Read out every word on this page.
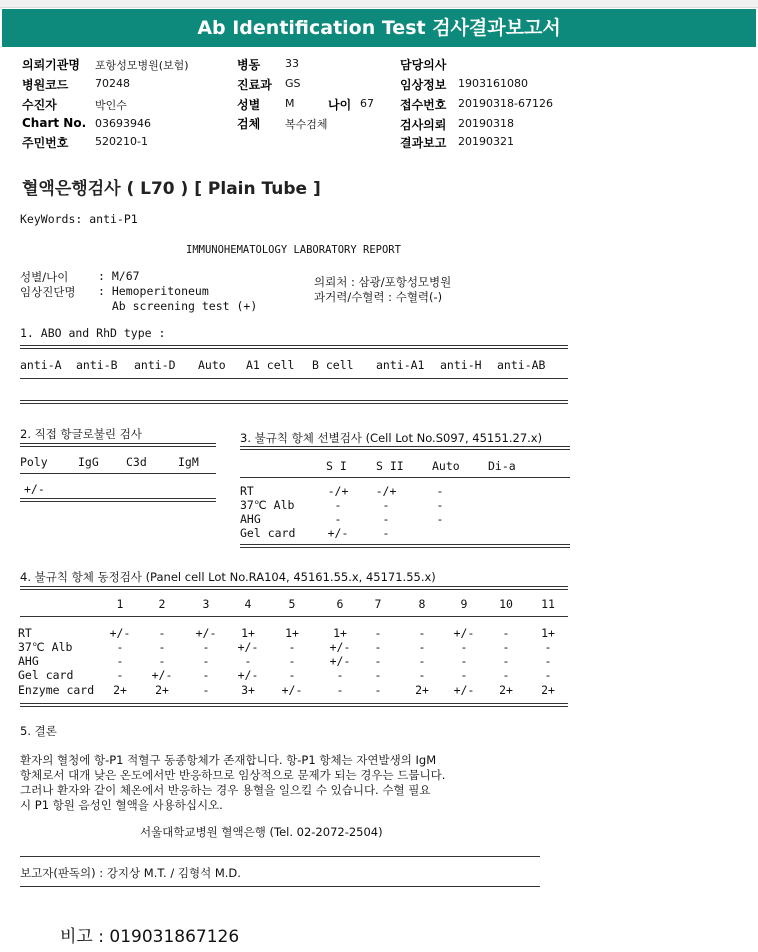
Ab Identification Test 검사결과보고서
의뢰기관명 포항성모병원(보험)
병원코드 70248
수진자	박인수
Chart No. 03693946
주민번호 520210-1
병동 33
진료과 GS
성별 M	나이 67
검체 복수검체
담당의사
임상정보 1903161080
접수번호 20190318-67126
검사의뢰 20190318
결과보고 20190321
혈액은행검사 ( L70 ) [ Plain Tube ]
KeyWords: anti-P1
IMMUNOHEMATOLOGY LABORATORY REPORT
성별/나이	: M/67
임상진단명 : Hemoperitoneum
Ab screening test (+)
의뢰처 : 삼광/포항성모병원
과거력/수혈력 : 수혈력(-)
1. ABO and RhD type :
anti-A anti-B anti-D Auto A1 cell B cell anti-A1 anti-H anti-AB
2. 직접 항글로불린 검사
Poly	IgG C3d	IgM
+/-
3. 불규칙 항체 선별검사 (Cell Lot No.S097, 45151.27.x)
S I	S II Auto Di-a
RT	-/+	-/+	-
37℃ Alb	-	-	-
AHG	-	-	-
Gel card	+/-	-
4. 불규칙 항체 동정검사 (Panel cell Lot No.RA104, 45161.55.x, 45171.55.x)
1	2	3	4	5	6	7	8	9	10	11
RT	+/-	-	+/-	1+	1+	1+	-	-	+/-	-	1+
37℃ Alb	-	-	-	+/-	-	+/-	-	-	-	-	-
AHG	-	-	-	-	-	+/-	-	-	-	-	-
Gel card	-	+/-	-	+/-	-	-	-	-	-	-	-
Enzyme card	2+	2+	-	3+	+/-	-	-	2+	+/-	2+	2+
5. 결론
환자의 혈청에 항-P1 적혈구 동종항체가 존재합니다. 항-P1 항체는 자연발생의 IgM
항체로서 대개 낮은 온도에서만 반응하므로 임상적으로 문제가 되는 경우는 드뭅니다.
그러나 환자와 같이 체온에서 반응하는 경우 용혈을 일으킬 수 있습니다. 수혈 필요
시 P1 항원 음성인 혈액을 사용하십시오.
서울대학교병원 혈액은행 (Tel. 02-2072-2504)
보고자(판독의) : 강지상 M.T. / 김형석 M.D.
비고 : 019031867126
